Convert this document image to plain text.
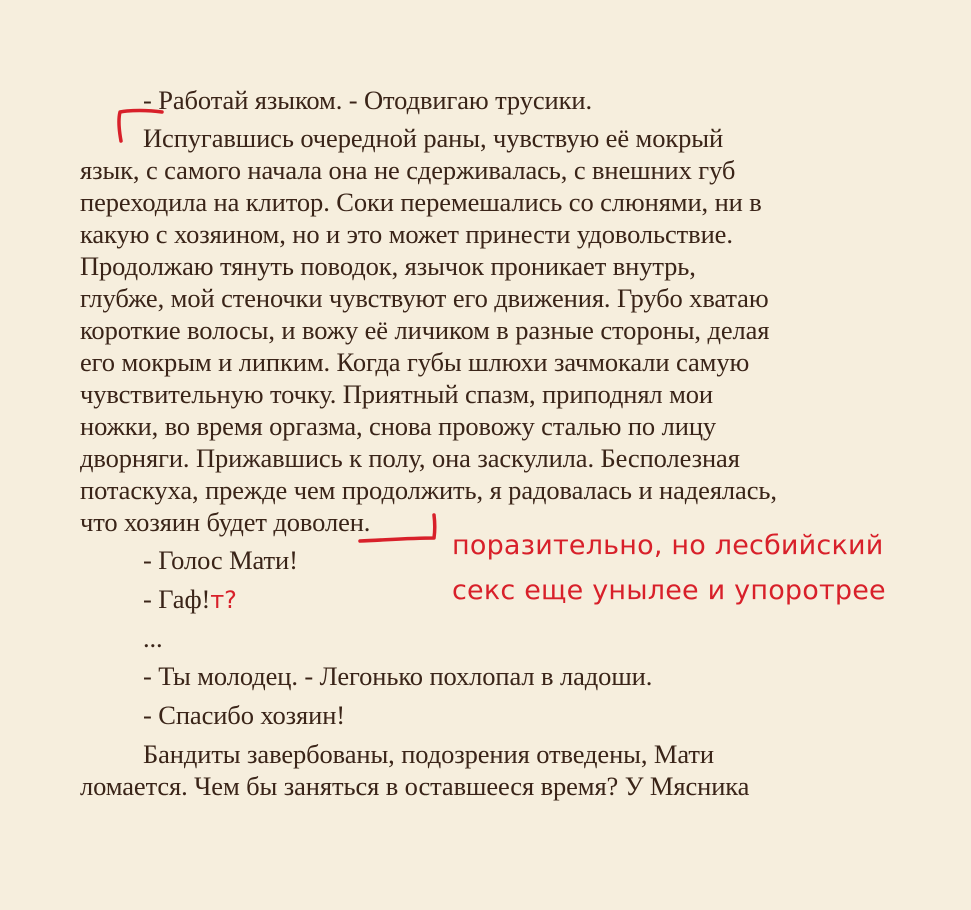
- Работай языком. - Отодвигаю трусики.
Испугавшись очередной раны, чувствую её мокрый
язык, с самого начала она не сдерживалась, с внешних губ
переходила на клитор. Соки перемешались со слюнями, ни в
какую с хозяином, но и это может принести удовольствие.
Продолжаю тянуть поводок, язычок проникает внутрь,
глубже, мой стеночки чувствуют его движения. Грубо хватаю
короткие волосы, и вожу её личиком в разные стороны, делая
его мокрым и липким. Когда губы шлюхи зачмокали самую
чувствительную точку. Приятный спазм, приподнял мои
ножки, во время оргазма, снова провожу сталью по лицу
дворняги. Прижавшись к полу, она заскулила. Бесполезная
потаскуха, прежде чем продолжить, я радовалась и надеялась,
что хозяин будет доволен.
- Голос Мати!
- Гаф!т?
...
- Ты молодец. - Легонько похлопал в ладоши.
- Спасибо хозяин!
Бандиты завербованы, подозрения отведены, Мати
ломается. Чем бы заняться в оставшееся время? У Мясника
поразительно, но лесбийский
секс еще унылее и упоротрее
